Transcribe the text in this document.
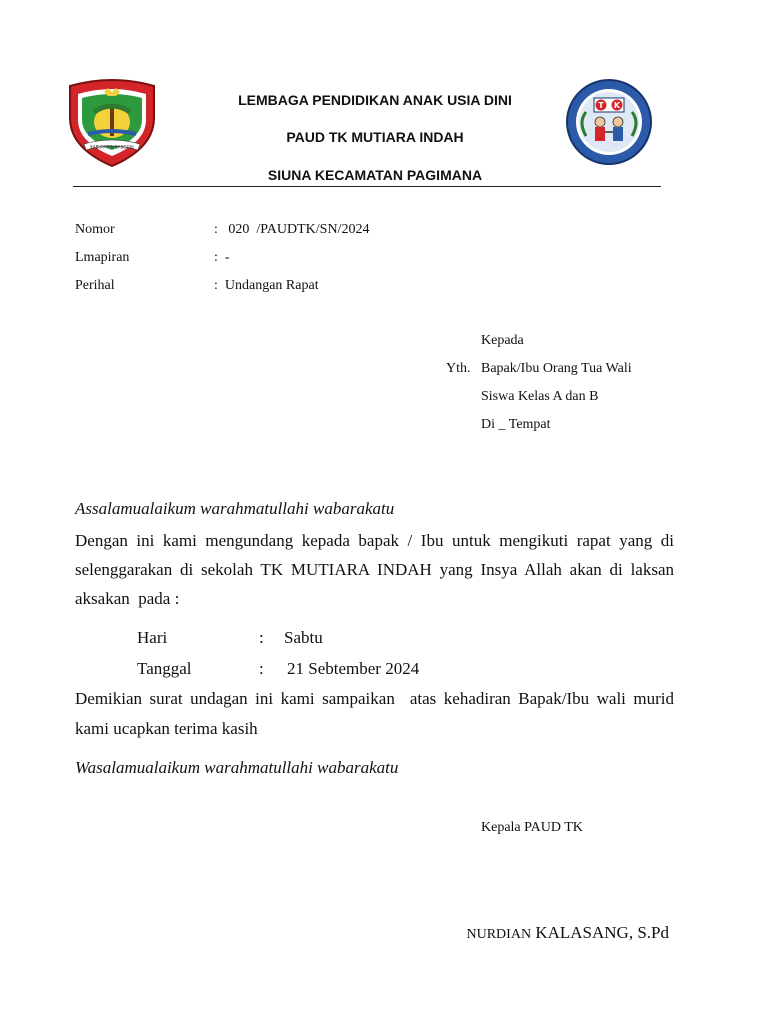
KABUPATEN BANGGAI
T K
LEMBAGA PENDIDIKAN ANAK USIA DINI
PAUD TK MUTIARA INDAH
SIUNA KECAMATAN PAGIMANA
Nomor	:   020  /PAUDTK/SN/2024
Lmapiran	:  -
Perihal	:  Undangan Rapat
Kepada
Yth. Bapak/Ibu Orang Tua Wali
Siswa Kelas A dan B
Di _ Tempat
Assalamualaikum warahmatullahi wabarakatu
Dengan ini kami mengundang kepada bapak / Ibu untuk mengikuti rapat yang di
selenggarakan di sekolah TK MUTIARA INDAH yang Insya Allah akan di laksan
aksakan  pada :
Hari	: Sabtu
Tanggal	: 21 Sebtember 2024
Demikian surat undagan ini kami sampaikan  atas kehadiran Bapak/Ibu wali murid
kami ucapkan terima kasih
Wasalamualaikum warahmatullahi wabarakatu
Kepala PAUD TK

NURDIAN KALASANG, S.Pd
